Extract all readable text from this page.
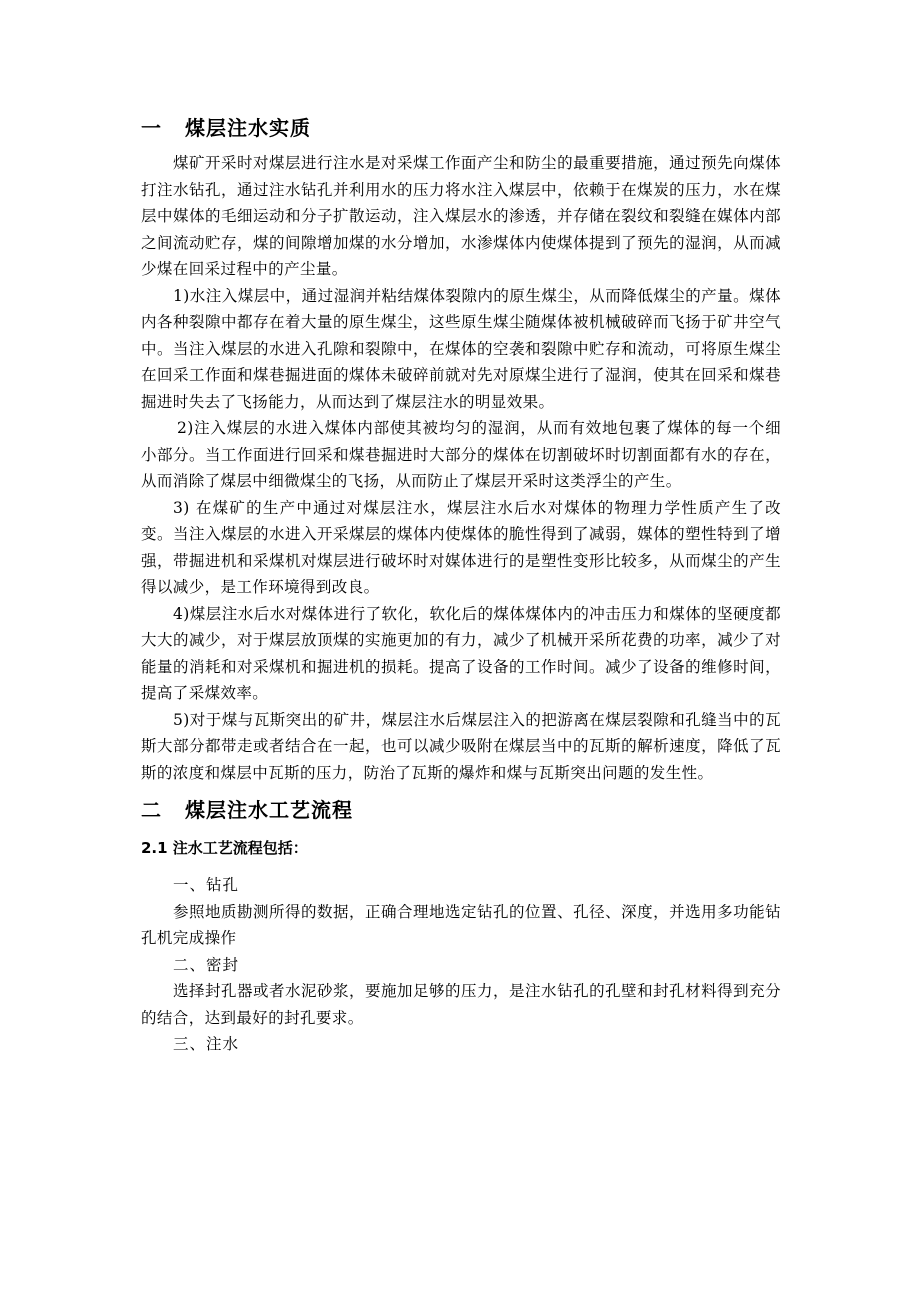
一 煤层注水实质

煤矿开采时对煤层进行注水是对采煤工作面产尘和防尘的最重要措施，通过预先向煤体打注水钻孔，通过注水钻孔并利用水的压力将水注入煤层中，依赖于在煤炭的压力，水在煤层中媒体的毛细运动和分子扩散运动，注入煤层水的渗透，并存储在裂纹和裂缝在媒体内部之间流动贮存，煤的间隙增加煤的水分增加，水渗煤体内使煤体提到了预先的湿润，从而减少煤在回采过程中的产尘量。

1)水注入煤层中，通过湿润并粘结煤体裂隙内的原生煤尘，从而降低煤尘的产量。煤体内各种裂隙中都存在着大量的原生煤尘，这些原生煤尘随煤体被机械破碎而飞扬于矿井空气中。当注入煤层的水进入孔隙和裂隙中，在煤体的空袭和裂隙中贮存和流动，可将原生煤尘在回采工作面和煤巷掘进面的煤体未破碎前就对先对原煤尘进行了湿润，使其在回采和煤巷掘进时失去了飞扬能力，从而达到了煤层注水的明显效果。

2)注入煤层的水进入煤体内部使其被均匀的湿润，从而有效地包裹了煤体的每一个细小部分。当工作面进行回采和煤巷掘进时大部分的煤体在切割破坏时切割面都有水的存在，从而消除了煤层中细微煤尘的飞扬，从而防止了煤层开采时这类浮尘的产生。

3) 在煤矿的生产中通过对煤层注水，煤层注水后水对煤体的物理力学性质产生了改变。当注入煤层的水进入开采煤层的煤体内使煤体的脆性得到了减弱，媒体的塑性特到了增强，带掘进机和采煤机对煤层进行破坏时对媒体进行的是塑性变形比较多，从而煤尘的产生得以减少，是工作环境得到改良。

4)煤层注水后水对煤体进行了软化，软化后的煤体煤体内的冲击压力和煤体的坚硬度都大大的减少，对于煤层放顶煤的实施更加的有力，减少了机械开采所花费的功率，减少了对能量的消耗和对采煤机和掘进机的损耗。提高了设备的工作时间。减少了设备的维修时间，提高了采煤效率。

5)对于煤与瓦斯突出的矿井，煤层注水后煤层注入的把游离在煤层裂隙和孔缝当中的瓦斯大部分都带走或者结合在一起，也可以减少吸附在煤层当中的瓦斯的解析速度，降低了瓦斯的浓度和煤层中瓦斯的压力，防治了瓦斯的爆炸和煤与瓦斯突出问题的发生性。

二 煤层注水工艺流程
2.1 注水工艺流程包括：
一、钻孔

参照地质勘测所得的数据，正确合理地选定钻孔的位置、孔径、深度，并选用多功能钻孔机完成操作

二、密封

选择封孔器或者水泥砂浆，要施加足够的压力，是注水钻孔的孔壁和封孔材料得到充分的结合，达到最好的封孔要求。

三、注水
